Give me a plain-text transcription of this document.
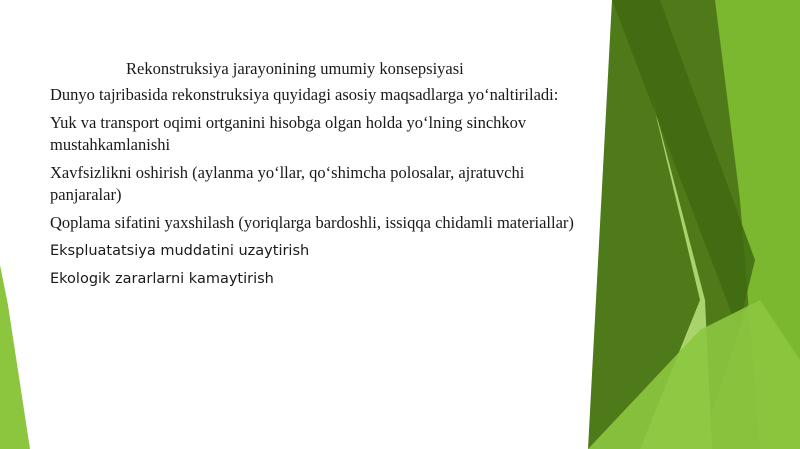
Rekonstruksiya jarayonining umumiy konsepsiyasi

Dunyo tajribasida rekonstruksiya quyidagi asosiy maqsadlarga yo‘naltiriladi:

Yuk va transport oqimi ortganini hisobga olgan holda yo‘lning sinchkov mustahkamlanishi

Xavfsizlikni oshirish (aylanma yo‘llar, qo‘shimcha polosalar, ajratuvchi panjaralar)

Qoplama sifatini yaxshilash (yoriqlarga bardoshli, issiqqa chidamli materiallar)

Ekspluatatsiya muddatini uzaytirish

Ekologik zararlarni kamaytirish
